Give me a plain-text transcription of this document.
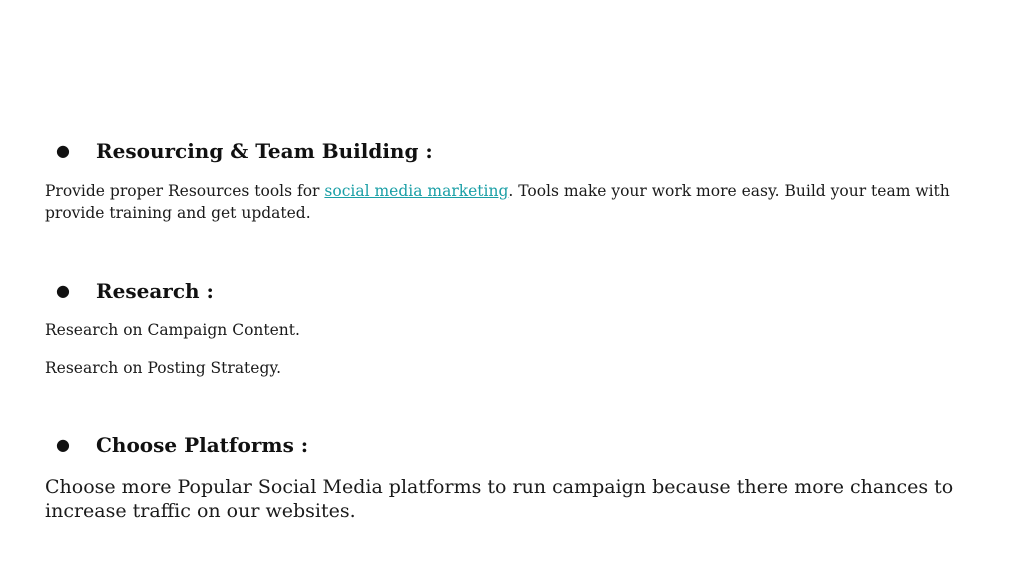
●	Resourcing & Team Building :
Provide proper Resources tools for social media marketing. Tools make your work more easy. Build your team with provide training and get updated.
●	Research :
Research on Campaign Content.
Research on Posting Strategy.
●	Choose Platforms :
Choose more Popular Social Media platforms to run campaign because there more chances to increase traffic on our websites.
